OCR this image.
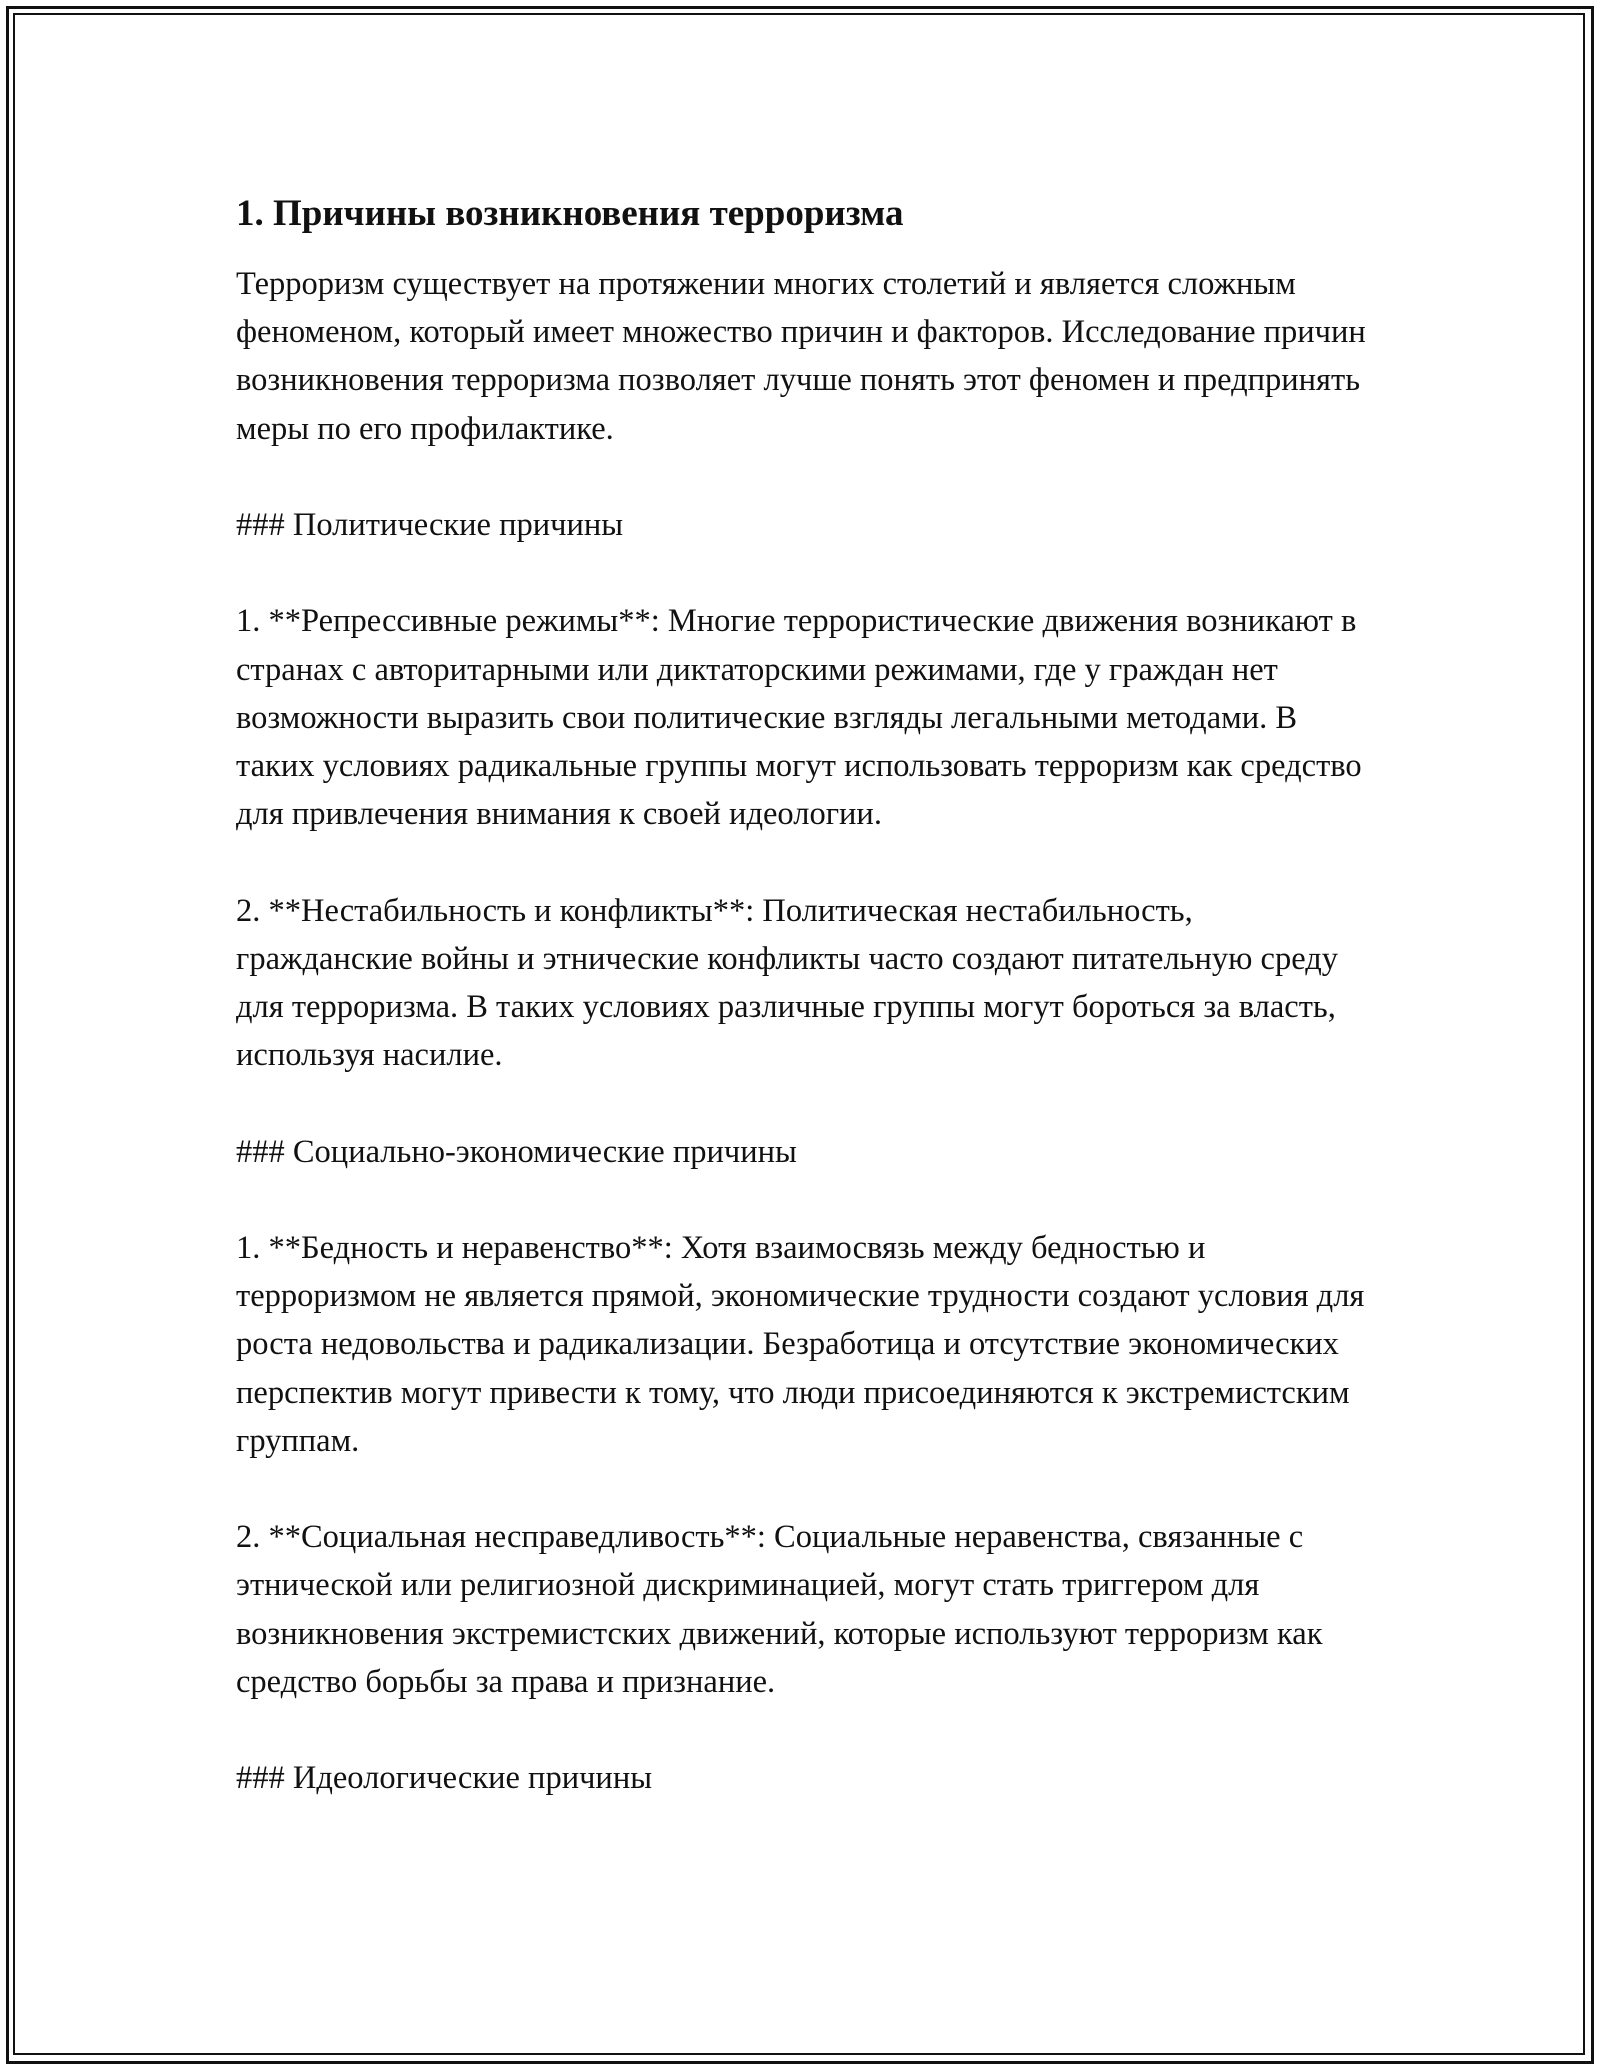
1. Причины возникновения терроризма

Терроризм существует на протяжении многих столетий и является сложным феноменом, который имеет множество причин и факторов. Исследование причин возникновения терроризма позволяет лучше понять этот феномен и предпринять меры по его профилактике.

### Политические причины

1. **Репрессивные режимы**: Многие террористические движения возникают в странах с авторитарными или диктаторскими режимами, где у граждан нет возможности выразить свои политические взгляды легальными методами. В таких условиях радикальные группы могут использовать терроризм как средство для привлечения внимания к своей идеологии.

2. **Нестабильность и конфликты**: Политическая нестабильность, гражданские войны и этнические конфликты часто создают питательную среду для терроризма. В таких условиях различные группы могут бороться за власть, используя насилие.

### Социально-экономические причины

1. **Бедность и неравенство**: Хотя взаимосвязь между бедностью и терроризмом не является прямой, экономические трудности создают условия для роста недовольства и радикализации. Безработица и отсутствие экономических перспектив могут привести к тому, что люди присоединяются к экстремистским группам.

2. **Социальная несправедливость**: Социальные неравенства, связанные с этнической или религиозной дискриминацией, могут стать триггером для возникновения экстремистских движений, которые используют терроризм как средство борьбы за права и признание.

### Идеологические причины
